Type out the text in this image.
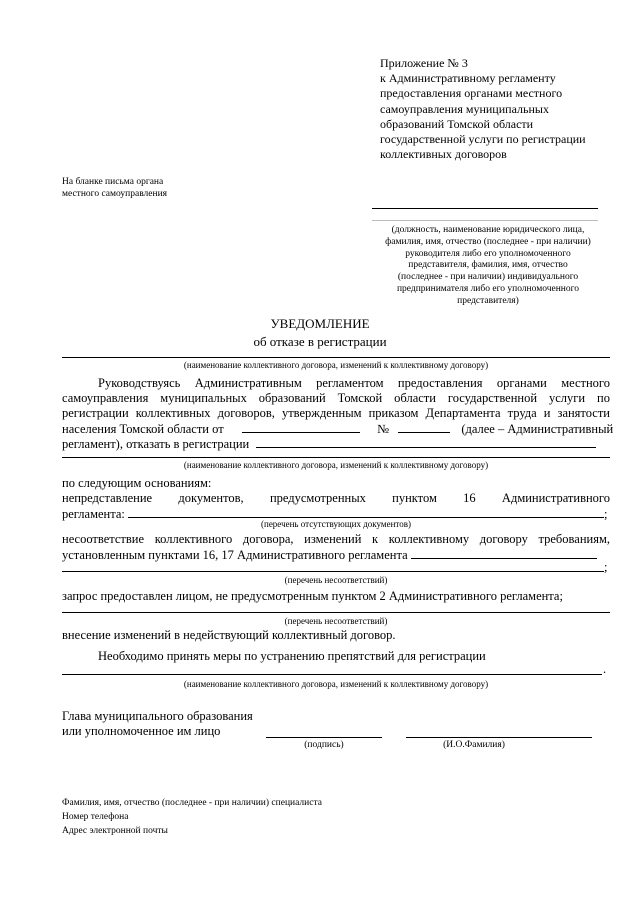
Приложение № 3
к Административному регламенту
предоставления органами местного
самоуправления муниципальных
образований Томской области
государственной услуги по регистрации
коллективных договоров
На бланке письма органа
местного самоуправления
(должность, наименование юридического лица,
фамилия, имя, отчество (последнее - при наличии)
руководителя либо его уполномоченного
представителя, фамилия, имя, отчество
(последнее - при наличии) индивидуального
предпринимателя либо его уполномоченного
представителя)
УВЕДОМЛЕНИЕ
об отказе в регистрации
(наименование коллективного договора, изменений к коллективному договору)
Руководствуясь Административным регламентом предоставления органами местного самоуправления муниципальных образований Томской области государственной услуги по регистрации коллективных договоров, утвержденным приказом Департамента труда и занятости населения Томской области от	№	(далее – Административный
регламент), отказать в регистрации
(наименование коллективного договора, изменений к коллективному договору)
по следующим основаниям:
непредставление документов, предусмотренных пунктом 16 Административного
регламента:	;
(перечень отсутствующих документов)
несоответствие коллективного договора, изменений к коллективному договору требованиям,
установленным пунктами 16, 17 Административного регламента
;
(перечень несоответствий)
запрос предоставлен лицом, не предусмотренным пунктом 2 Административного регламента;
(перечень несоответствий)
внесение изменений в недействующий коллективный договор.
Необходимо принять меры по устранению препятствий для регистрации
.
(наименование коллективного договора, изменений к коллективному договору)
Глава муниципального образования
или уполномоченное им лицо
(подпись)	(И.О.Фамилия)
Фамилия, имя, отчество (последнее - при наличии) специалиста
Номер телефона
Адрес электронной почты
